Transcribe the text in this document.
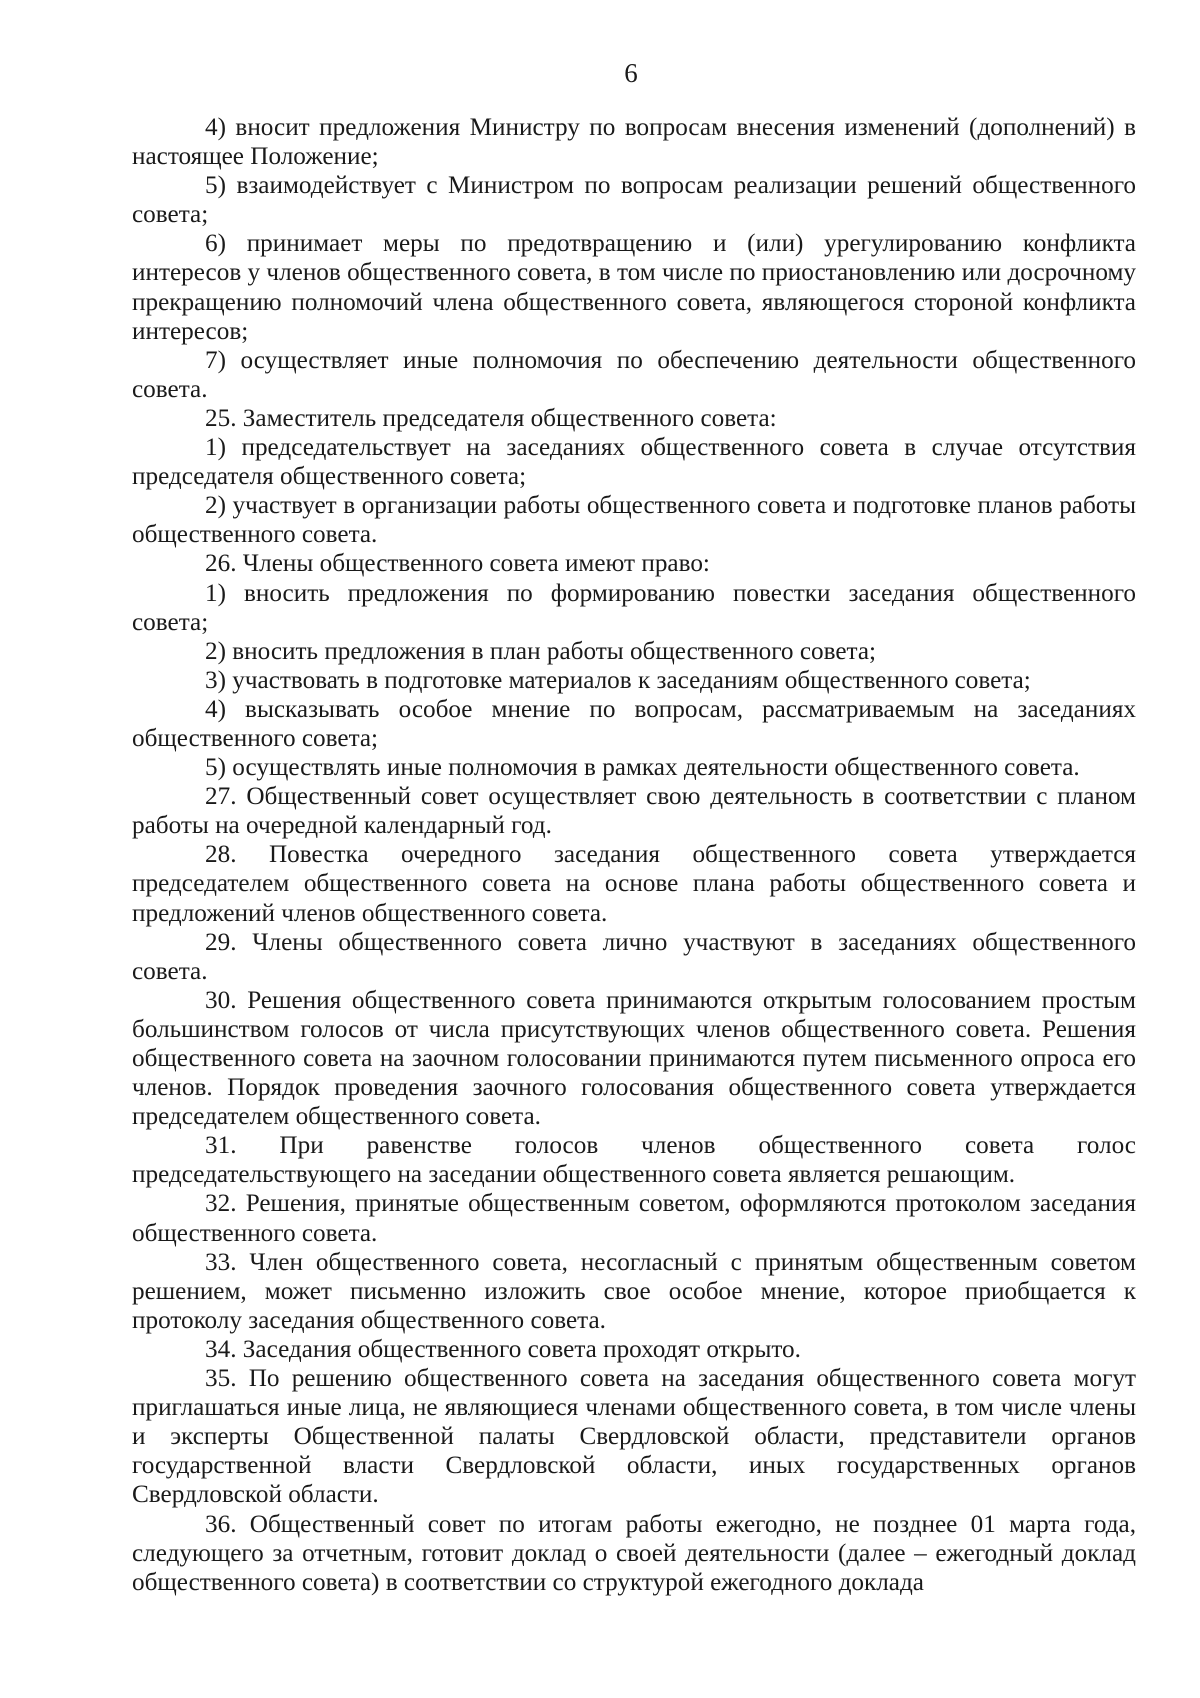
6

4) вносит предложения Министру по вопросам внесения изменений (дополнений) в настоящее Положение;

5) взаимодействует с Министром по вопросам реализации решений общественного совета;

6) принимает меры по предотвращению и (или) урегулированию конфликта интересов у членов общественного совета, в том числе по приостановлению или досрочному прекращению полномочий члена общественного совета, являющегося стороной конфликта интересов;

7) осуществляет иные полномочия по обеспечению деятельности общественного совета.

25. Заместитель председателя общественного совета:

1) председательствует на заседаниях общественного совета в случае отсутствия председателя общественного совета;

2) участвует в организации работы общественного совета и подготовке планов работы общественного совета.

26. Члены общественного совета имеют право:

1) вносить предложения по формированию повестки заседания общественного совета;

2) вносить предложения в план работы общественного совета;

3) участвовать в подготовке материалов к заседаниям общественного совета;

4) высказывать особое мнение по вопросам, рассматриваемым на заседаниях общественного совета;

5) осуществлять иные полномочия в рамках деятельности общественного совета.

27. Общественный совет осуществляет свою деятельность в соответствии с планом работы на очередной календарный год.

28. Повестка очередного заседания общественного совета утверждается председателем общественного совета на основе плана работы общественного совета и предложений членов общественного совета.

29. Члены общественного совета лично участвуют в заседаниях общественного совета.

30. Решения общественного совета принимаются открытым голосованием простым большинством голосов от числа присутствующих членов общественного совета. Решения общественного совета на заочном голосовании принимаются путем письменного опроса его членов. Порядок проведения заочного голосования общественного совета утверждается председателем общественного совета.

31. При равенстве голосов членов общественного совета голос председательствующего на заседании общественного совета является решающим.

32. Решения, принятые общественным советом, оформляются протоколом заседания общественного совета.

33. Член общественного совета, несогласный с принятым общественным советом решением, может письменно изложить свое особое мнение, которое приобщается к протоколу заседания общественного совета.

34. Заседания общественного совета проходят открыто.

35. По решению общественного совета на заседания общественного совета могут приглашаться иные лица, не являющиеся членами общественного совета, в том числе члены и эксперты Общественной палаты Свердловской области, представители органов государственной власти Свердловской области, иных государственных органов Свердловской области.

36. Общественный совет по итогам работы ежегодно, не позднее 01 марта года, следующего за отчетным, готовит доклад о своей деятельности (далее – ежегодный доклад общественного совета) в соответствии со структурой ежегодного доклада
